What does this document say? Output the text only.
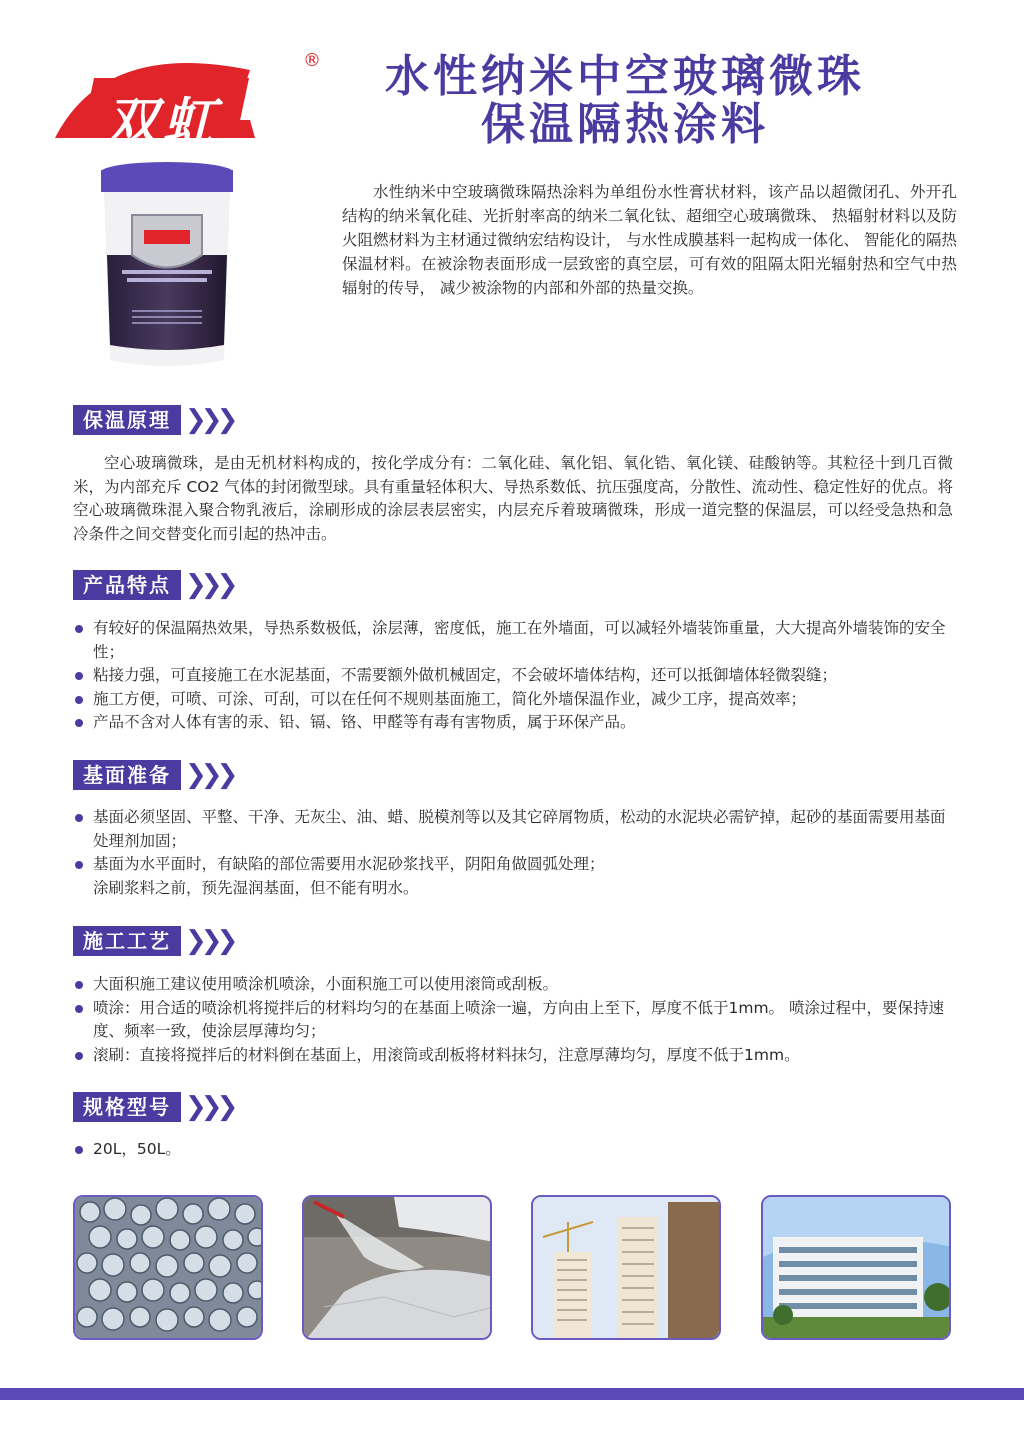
双虹
®	水性纳米中空玻璃微珠
保温隔热涂料
水性纳米中空玻璃微珠隔热涂料为单组份水性膏状材料，该产品以超微闭孔、外开孔结构的纳米氧化硅、光折射率高的纳米二氧化钛、超细空心玻璃微珠、 热辐射材料以及防火阻燃材料为主材通过微纳宏结构设计， 与水性成膜基料一起构成一体化、 智能化的隔热保温材料。在被涂物表面形成一层致密的真空层，可有效的阻隔太阳光辐射热和空气中热辐射的传导， 减少被涂物的内部和外部的热量交换。
保温原理 ❯❯❯
空心玻璃微珠，是由无机材料构成的，按化学成分有：二氧化硅、氧化铝、氧化锆、氧化镁、硅酸钠等。其粒径十到几百微米，为内部充斥 CO2 气体的封闭微型球。具有重量轻体积大、导热系数低、抗压强度高，分散性、流动性、稳定性好的优点。将空心玻璃微珠混入聚合物乳液后，涂刷形成的涂层表层密实，内层充斥着玻璃微珠，形成一道完整的保温层，可以经受急热和急冷条件之间交替变化而引起的热冲击。
产品特点 ❯❯❯
有较好的保温隔热效果，导热系数极低，涂层薄，密度低，施工在外墙面，可以减轻外墙装饰重量，大大提高外墙装饰的安全性；
粘接力强，可直接施工在水泥基面，不需要额外做机械固定，不会破坏墙体结构，还可以抵御墙体轻微裂缝；
施工方便，可喷、可涂、可刮，可以在任何不规则基面施工，简化外墙保温作业，减少工序，提高效率；
产品不含对人体有害的汞、铅、镉、铬、甲醛等有毒有害物质，属于环保产品。
基面准备 ❯❯❯
基面必须坚固、平整、干净、无灰尘、油、蜡、脱模剂等以及其它碎屑物质，松动的水泥块必需铲掉，起砂的基面需要用基面处理剂加固；
基面为水平面时，有缺陷的部位需要用水泥砂浆找平，阴阳角做圆弧处理；
涂刷浆料之前，预先湿润基面，但不能有明水。
施工工艺 ❯❯❯
大面积施工建议使用喷涂机喷涂，小面积施工可以使用滚筒或刮板。
喷涂：用合适的喷涂机将搅拌后的材料均匀的在基面上喷涂一遍，方向由上至下，厚度不低于1mm。 喷涂过程中，要保持速度、频率一致，使涂层厚薄均匀；
滚刷：直接将搅拌后的材料倒在基面上，用滚筒或刮板将材料抹匀，注意厚薄均匀，厚度不低于1mm。
规格型号 ❯❯❯
20L，50L。
